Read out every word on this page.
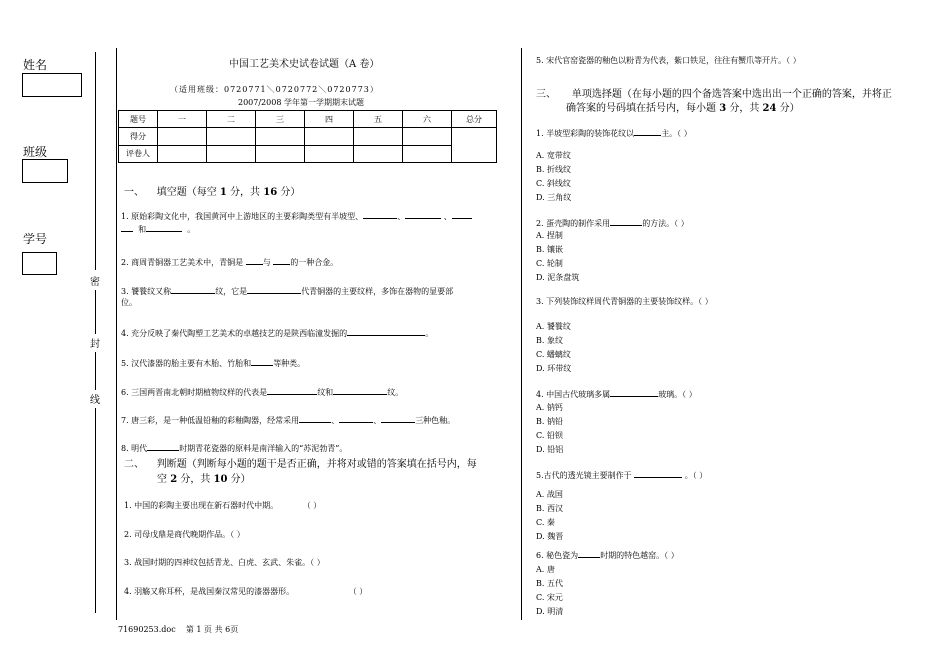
姓名
班级
学号
密
封
线
中国工艺美术史试卷试题（A 卷）
（适用班级：0720771＼0720772＼0720773）
2007/2008 学年第一学期期末试题
题号	一	二	三	四	五	六	总分
得分							
评卷人							
一、 填空题（每空 1 分，共 16 分）
1. 原始彩陶文化中，我国黄河中上游地区的主要彩陶类型有半坡型、	、	、
和	。
2. 商周青铜器工艺美术中，青铜是 与 的一种合金。
3. 饕餮纹又称	纹，它是	代青铜器的主要纹样，多饰在器物的显要部
位。
4. 充分反映了秦代陶塑工艺美术的卓越技艺的是陕西临潼发掘的	。
5. 汉代漆器的胎主要有木胎、竹胎和	等种类。
6. 三国两晋南北朝时期植物纹样的代表是	纹和	纹。
7. 唐三彩，是一种低温铅釉的彩釉陶器，经常采用	、	、	三种色釉。
8. 明代	时期青花瓷器的原料是南洋输入的“苏泥勃青”。
二、 判断题（判断每小题的题干是否正确，并将对或错的答案填在括号内，每
空 2 分，共 10 分）
1. 中国的彩陶主要出现在新石器时代中期。	（ ）
2. 司母戊鼎是商代晚期作品。（ ）
3. 战国时期的四神纹包括青龙、白虎、玄武、朱雀。（ ）
4. 羽觞又称耳杯，是战国秦汉常见的漆器器形。	（ ）
71690253.doc 第 1 页 共 6页
5. 宋代官窑瓷器的釉色以粉青为代表，紫口铁足，往往有蟹爪等开片。（ ）
三、 单项选择题（在每小题的四个备选答案中选出出一个正确的答案，并将正
确答案的号码填在括号内，每小题 3 分，共 24 分）
1. 半坡型彩陶的装饰花纹以	主。（ ）
A. 宽带纹
B. 折线纹
C. 斜线纹
D. 三角纹
2. 蛋壳陶的制作采用	的方法。（ ）
A. 捏制
B. 镶嵌
C. 轮制
D. 泥条盘筑
3. 下列装饰纹样周代青铜器的主要装饰纹样。（ ）
A. 饕餮纹
B. 象纹
C. 蟠螭纹
D. 环带纹
4. 中国古代玻璃多属	玻璃。（ ）
A. 钠钙
B. 钠铅
C. 铅钡
D. 铅铝
5.古代的透光镜主要制作于	。（ ）
A. 战国
B. 西汉
C. 秦
D. 魏晋
6. 秘色瓷为	时期的特色越窑。（ ）
A. 唐
B. 五代
C. 宋元
D. 明清
